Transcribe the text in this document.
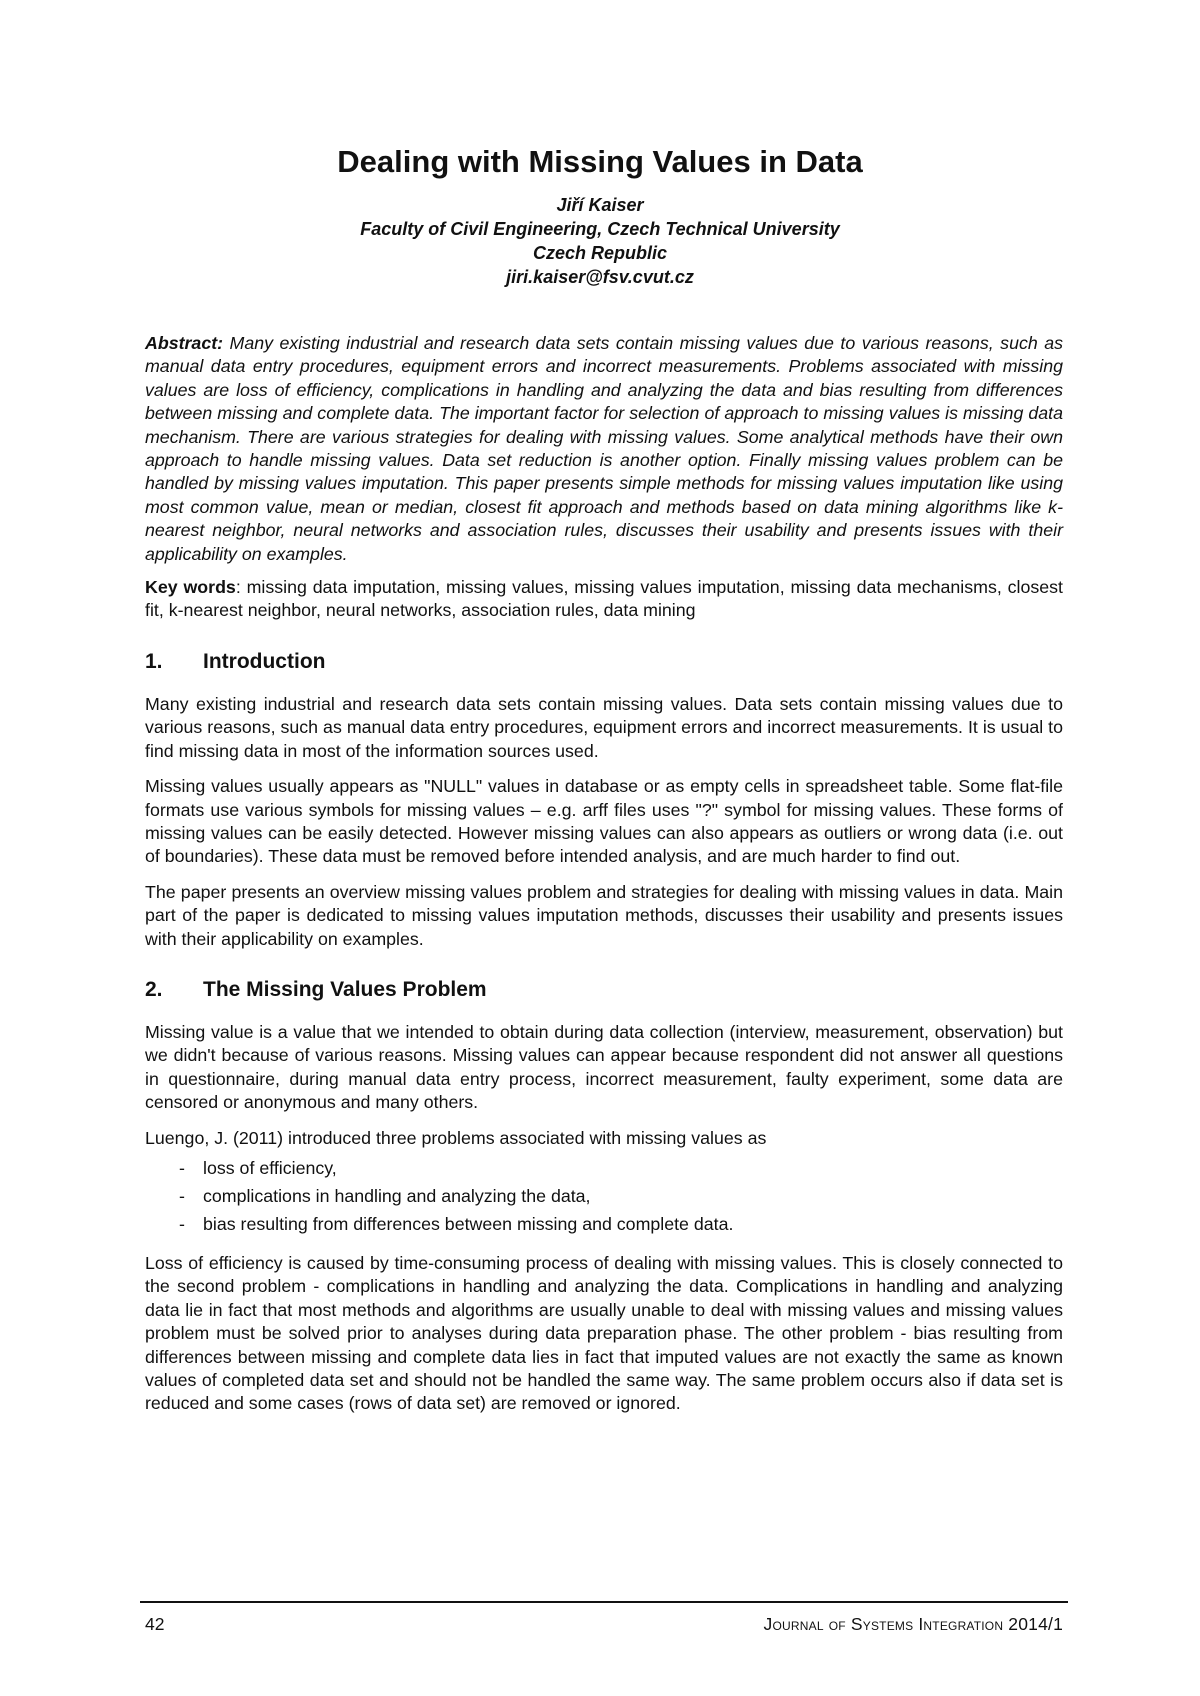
Dealing with Missing Values in Data
Jiří Kaiser
Faculty of Civil Engineering, Czech Technical University
Czech Republic
jiri.kaiser@fsv.cvut.cz

Abstract: Many existing industrial and research data sets contain missing values due to various reasons, such as manual data entry procedures, equipment errors and incorrect measurements. Problems associated with missing values are loss of efficiency, complications in handling and analyzing the data and bias resulting from differences between missing and complete data. The important factor for selection of approach to missing values is missing data mechanism. There are various strategies for dealing with missing values. Some analytical methods have their own approach to handle missing values. Data set reduction is another option. Finally missing values problem can be handled by missing values imputation. This paper presents simple methods for missing values imputation like using most common value, mean or median, closest fit approach and methods based on data mining algorithms like k-nearest neighbor, neural networks and association rules, discusses their usability and presents issues with their applicability on examples.

Key words: missing data imputation, missing values, missing values imputation, missing data mechanisms, closest fit, k-nearest neighbor, neural networks, association rules, data mining

1.	Introduction

Many existing industrial and research data sets contain missing values. Data sets contain missing values due to various reasons, such as manual data entry procedures, equipment errors and incorrect measurements. It is usual to find missing data in most of the information sources used.

Missing values usually appears as "NULL" values in database or as empty cells in spreadsheet table. Some flat-file formats use various symbols for missing values – e.g. arff files uses "?" symbol for missing values. These forms of missing values can be easily detected. However missing values can also appears as outliers or wrong data (i.e. out of boundaries). These data must be removed before intended analysis, and are much harder to find out.

The paper presents an overview missing values problem and strategies for dealing with missing values in data. Main part of the paper is dedicated to missing values imputation methods, discusses their usability and presents issues with their applicability on examples.

2.	The Missing Values Problem

Missing value is a value that we intended to obtain during data collection (interview, measurement, observation) but we didn't because of various reasons. Missing values can appear because respondent did not answer all questions in questionnaire, during manual data entry process, incorrect measurement, faulty experiment, some data are censored or anonymous and many others.

Luengo, J. (2011) introduced three problems associated with missing values as

-	loss of efficiency,
-	complications in handling and analyzing the data,
-	bias resulting from differences between missing and complete data.

Loss of efficiency is caused by time-consuming process of dealing with missing values. This is closely connected to the second problem - complications in handling and analyzing the data. Complications in handling and analyzing data lie in fact that most methods and algorithms are usually unable to deal with missing values and missing values problem must be solved prior to analyses during data preparation phase. The other problem - bias resulting from differences between missing and complete data lies in fact that imputed values are not exactly the same as known values of completed data set and should not be handled the same way. The same problem occurs also if data set is reduced and some cases (rows of data set) are removed or ignored.

42	Journal of Systems Integration 2014/1
